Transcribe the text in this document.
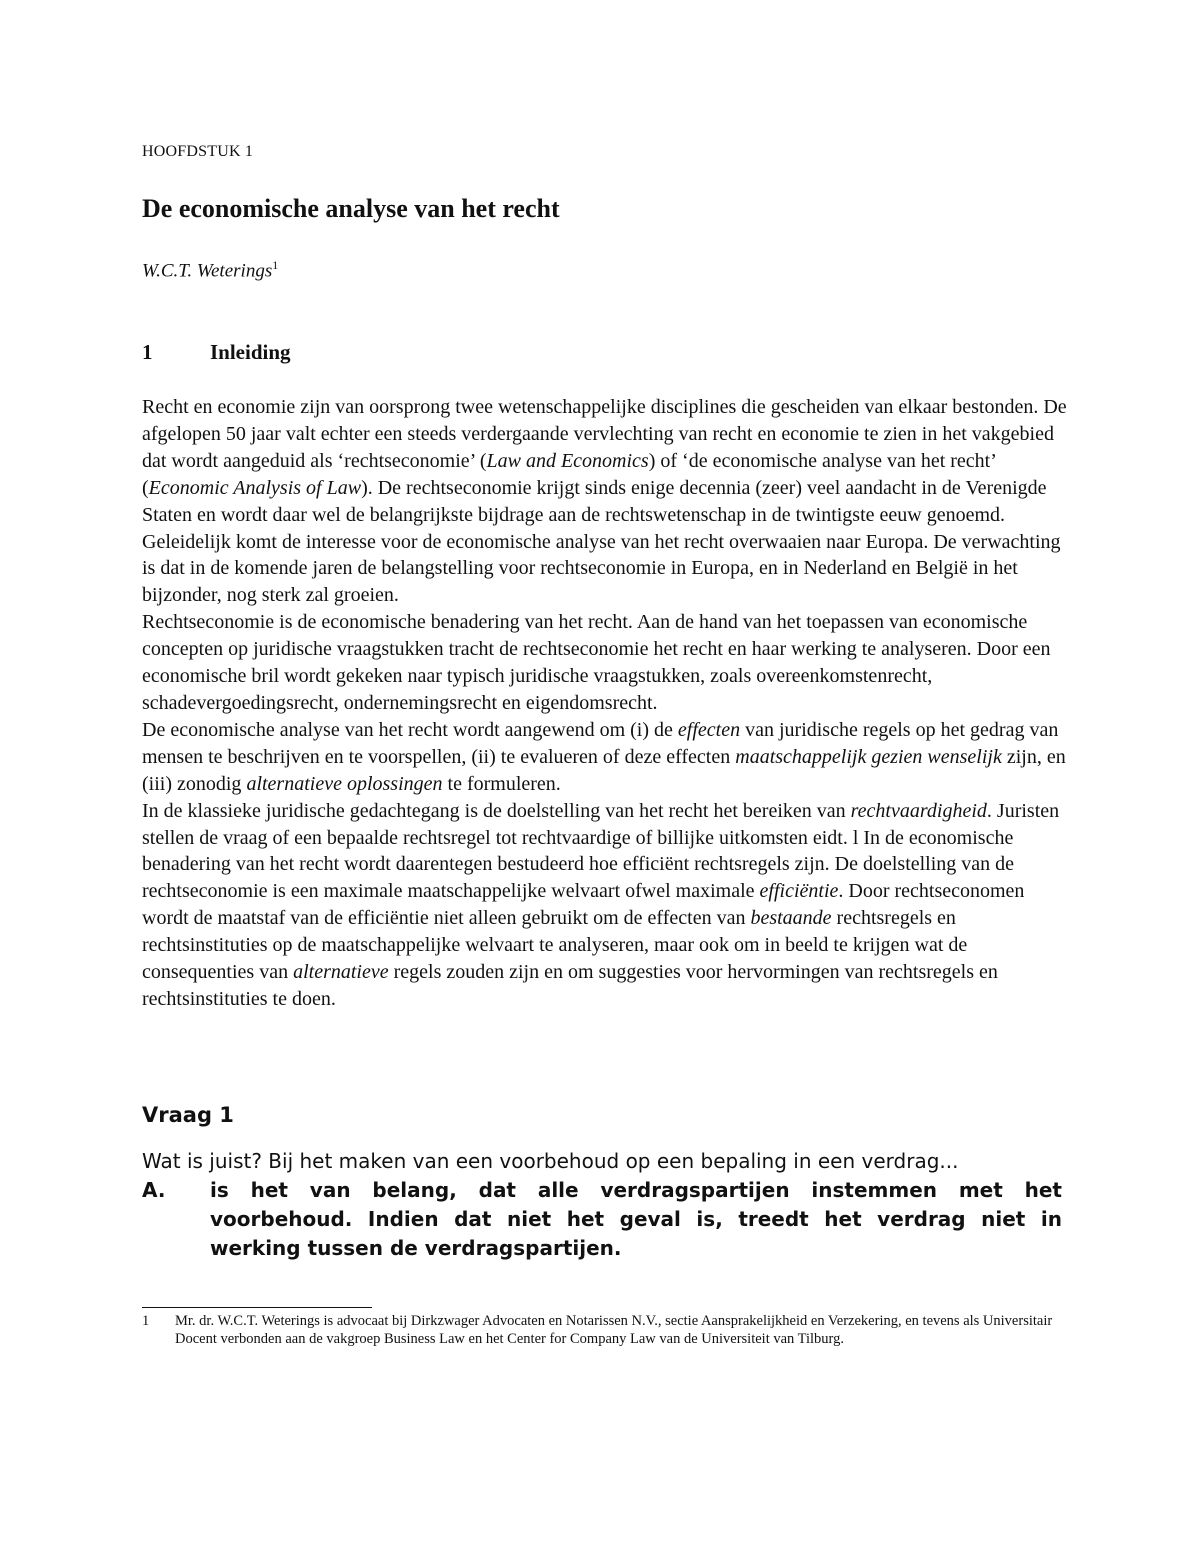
HOOFDSTUK 1
De economische analyse van het recht
W.C.T. Weterings$^1$
1	Inleiding

Recht en economie zijn van oorsprong twee wetenschappelijke disciplines die gescheiden van elkaar bestonden. De afgelopen 50 jaar valt echter een steeds verdergaande vervlechting van recht en economie te zien in het vakgebied dat wordt aangeduid als ‘rechtseconomie’ (Law and Economics) of ‘de economische analyse van het recht’ (Economic Analysis of Law). De rechtseconomie krijgt sinds enige decennia (zeer) veel aandacht in de Verenigde Staten en wordt daar wel de belangrijkste bijdrage aan de rechtswetenschap in de twintigste eeuw genoemd. Geleidelijk komt de interesse voor de economische analyse van het recht overwaaien naar Europa. De verwachting is dat in de komende jaren de belangstelling voor rechtseconomie in Europa, en in Nederland en België in het bijzonder, nog sterk zal groeien.

Rechtseconomie is de economische benadering van het recht. Aan de hand van het toepassen van economische concepten op juridische vraagstukken tracht de rechtseconomie het recht en haar werking te analyseren. Door een economische bril wordt gekeken naar typisch juridische vraagstukken, zoals overeenkomstenrecht, schadevergoedingsrecht, ondernemingsrecht en eigendomsrecht.

De economische analyse van het recht wordt aangewend om (i) de effecten van juridische regels op het gedrag van mensen te beschrijven en te voorspellen, (ii) te evalueren of deze effecten maatschappelijk gezien wenselijk zijn, en (iii) zonodig alternatieve oplossingen te formuleren.

In de klassieke juridische gedachtegang is de doelstelling van het recht het bereiken van rechtvaardigheid. Juristen stellen de vraag of een bepaalde rechtsregel tot rechtvaardige of billijke uitkomsten eidt. l In de economische benadering van het recht wordt daarentegen bestudeerd hoe efficiënt rechtsregels zijn. De doelstelling van de rechtseconomie is een maximale maatschappelijke welvaart ofwel maximale efficiëntie. Door rechtseconomen wordt de maatstaf van de efficiëntie niet alleen gebruikt om de effecten van bestaande rechtsregels en rechtsinstituties op de maatschappelijke welvaart te analyseren, maar ook om in beeld te krijgen wat de consequenties van alternatieve regels zouden zijn en om suggesties voor hervormingen van rechtsregels en rechtsinstituties te doen.

Vraag 1

Wat is juist? Bij het maken van een voorbehoud op een bepaling in een verdrag...

A.	is het van belang, dat alle verdragspartijen instemmen met het voorbehoud. Indien dat niet het geval is, treedt het verdrag niet in werking tussen de verdragspartijen.
1	Mr. dr. W.C.T. Weterings is advocaat bij Dirkzwager Advocaten en Notarissen N.V., sectie Aansprakelijkheid en Verzekering, en tevens als Universitair Docent verbonden aan de vakgroep Business Law en het Center for Company Law van de Universiteit van Tilburg.
